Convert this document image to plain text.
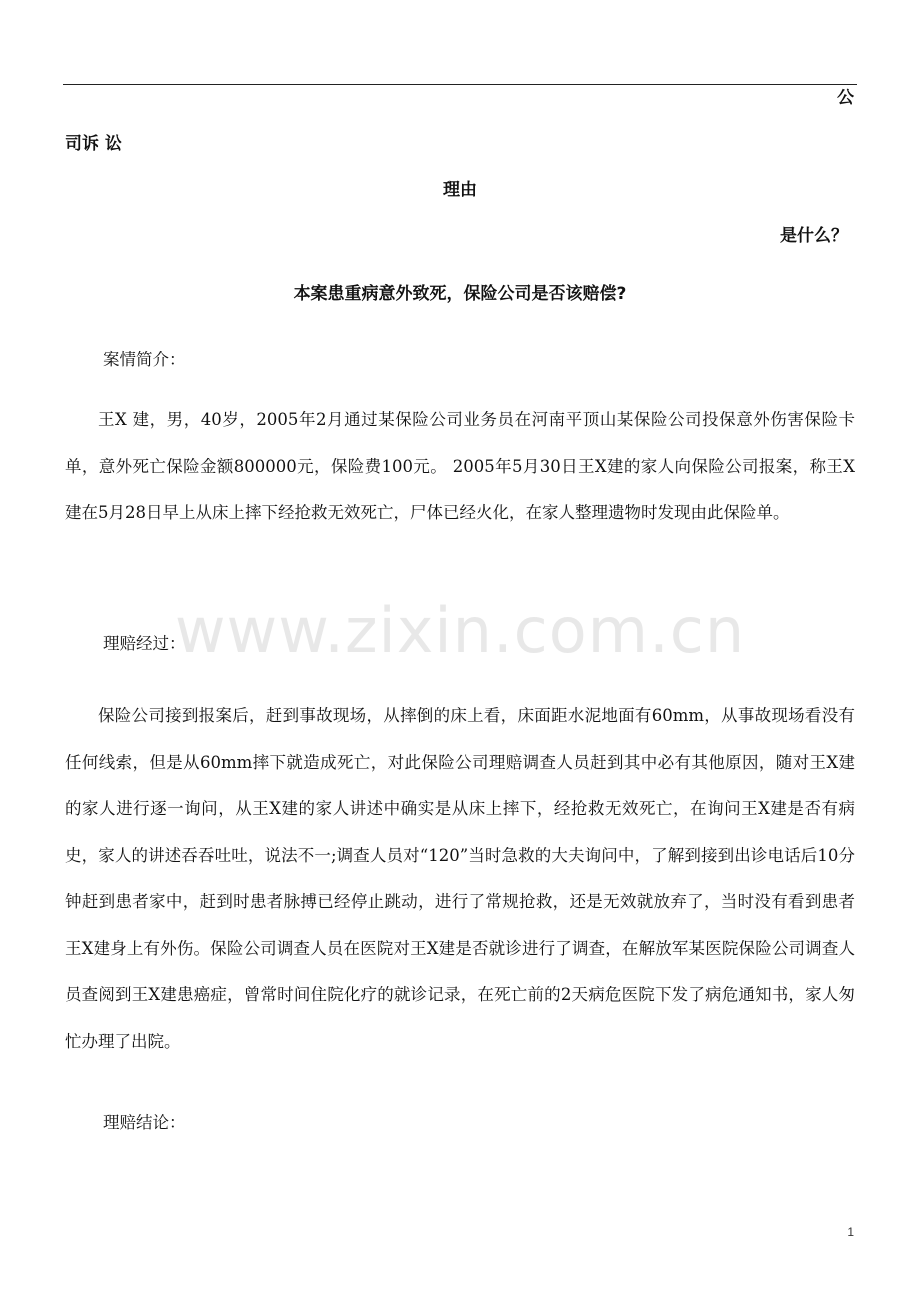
公
司诉 讼
理由
是什么？
本案患重病意外致死，保险公司是否该赔偿?
案情简介：

王X 建，男，40岁，2005年2月通过某保险公司业务员在河南平顶山某保险公司投保意外伤害保险卡单，意外死亡保险金额800000元，保险费100元。 2005年5月30日王X建的家人向保险公司报案，称王X建在5月28日早上从床上摔下经抢救无效死亡，尸体已经火化，在家人整理遗物时发现由此保险单。

理赔经过：

保险公司接到报案后，赶到事故现场，从摔倒的床上看，床面距水泥地面有60mm，从事故现场看没有任何线索，但是从60mm摔下就造成死亡，对此保险公司理赔调查人员赶到其中必有其他原因，随对王X建的家人进行逐一询问，从王X建的家人讲述中确实是从床上摔下，经抢救无效死亡，在询问王X建是否有病史，家人的讲述吞吞吐吐，说法不一;调查人员对“120”当时急救的大夫询问中，了解到接到出诊电话后10分钟赶到患者家中，赶到时患者脉搏已经停止跳动，进行了常规抢救，还是无效就放弃了，当时没有看到患者王X建身上有外伤。保险公司调查人员在医院对王X建是否就诊进行了调查，在解放军某医院保险公司调查人员查阅到王X建患癌症，曾常时间住院化疗的就诊记录，在死亡前的2天病危医院下发了病危通知书，家人匆忙办理了出院。

理赔结论：
www.zixin.com.cn
1
